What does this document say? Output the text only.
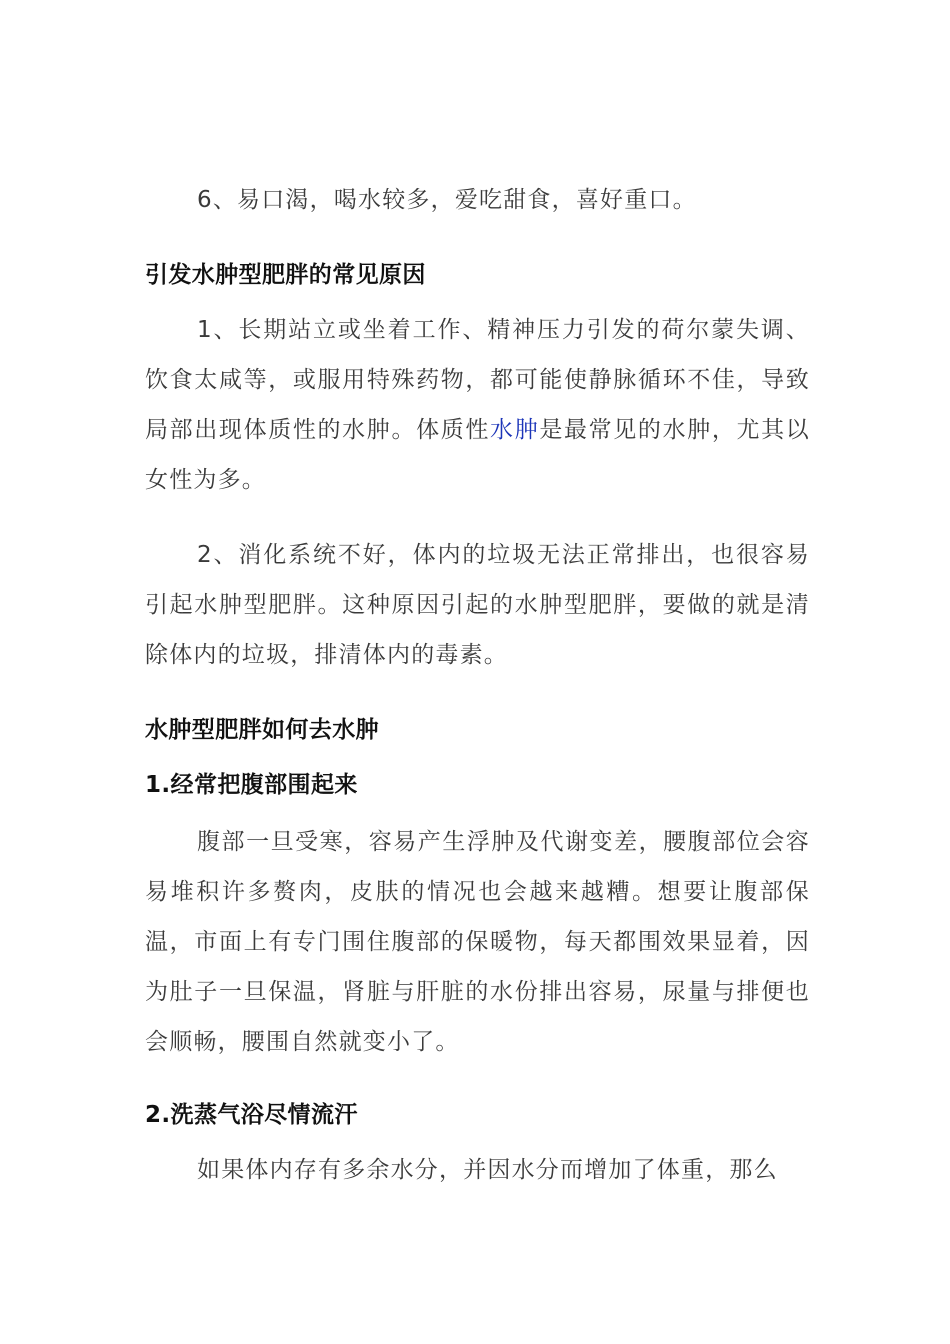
6、易口渴，喝水较多，爱吃甜食，喜好重口。

引发水肿型肥胖的常见原因

1、长期站立或坐着工作、精神压力引发的荷尔蒙失调、饮食太咸等，或服用特殊药物，都可能使静脉循环不佳，导致局部出现体质性的水肿。体质性水肿是最常见的水肿，尤其以女性为多。

2、消化系统不好，体内的垃圾无法正常排出，也很容易引起水肿型肥胖。这种原因引起的水肿型肥胖，要做的就是清除体内的垃圾，排清体内的毒素。

水肿型肥胖如何去水肿
1.经常把腹部围起来

腹部一旦受寒，容易产生浮肿及代谢变差，腰腹部位会容易堆积许多赘肉，皮肤的情况也会越来越糟。想要让腹部保温，市面上有专门围住腹部的保暖物，每天都围效果显着，因为肚子一旦保温，肾脏与肝脏的水份排出容易，尿量与排便也会顺畅，腰围自然就变小了。

2.洗蒸气浴尽情流汗

如果体内存有多余水分，并因水分而增加了体重，那么
